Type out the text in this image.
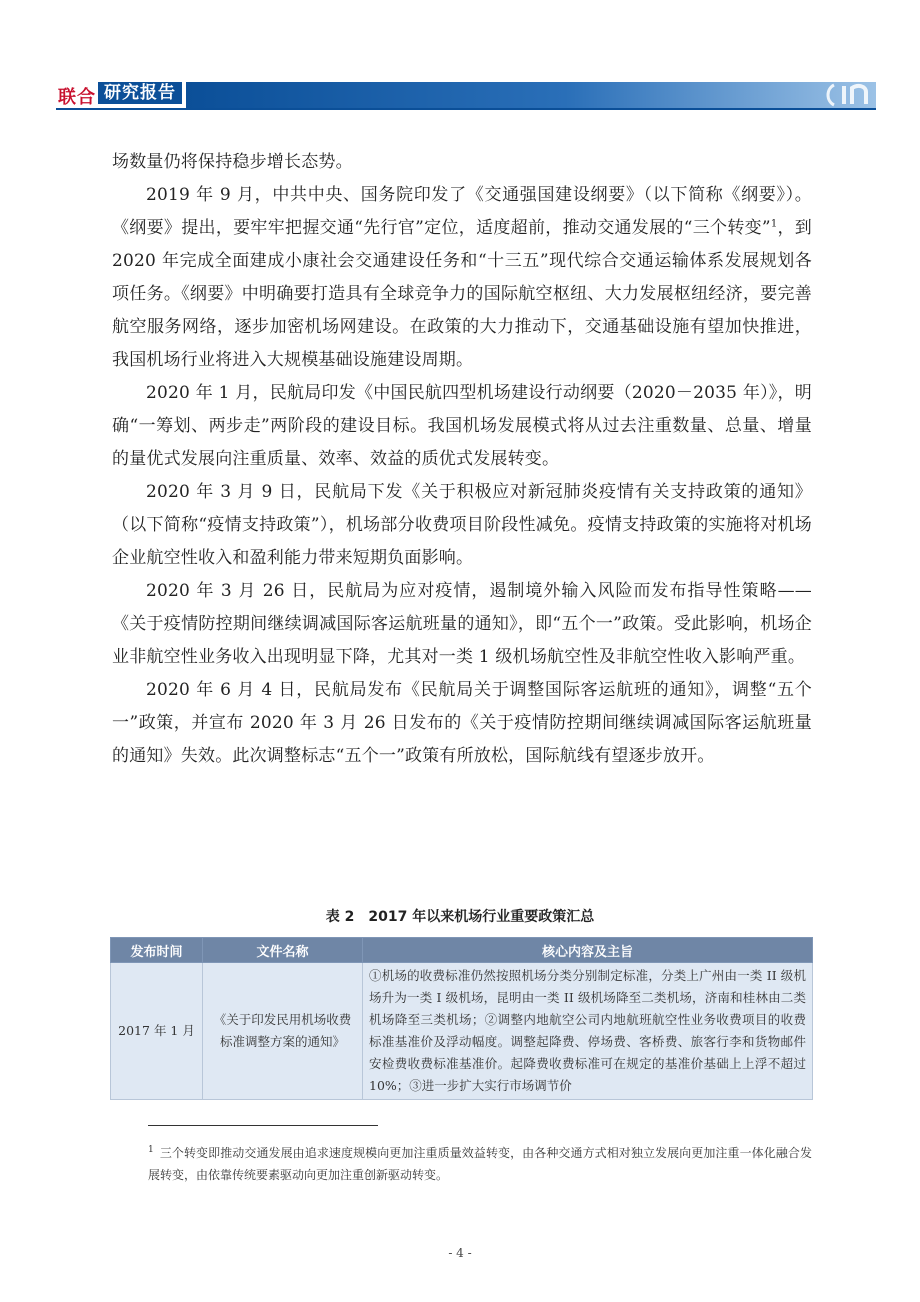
联合 研究报告

场数量仍将保持稳步增长态势。

2019 年 9 月，中共中央、国务院印发了《交通强国建设纲要》（以下简称《纲要》）。《纲要》提出，要牢牢把握交通“先行官”定位，适度超前，推动交通发展的“三个转变”$^1$，到 2020 年完成全面建成小康社会交通建设任务和“十三五”现代综合交通运输体系发展规划各项任务。《纲要》中明确要打造具有全球竞争力的国际航空枢纽、大力发展枢纽经济，要完善航空服务网络，逐步加密机场网建设。在政策的大力推动下，交通基础设施有望加快推进，我国机场行业将进入大规模基础设施建设周期。

2020 年 1 月，民航局印发《中国民航四型机场建设行动纲要（2020－2035 年）》，明确“一筹划、两步走”两阶段的建设目标。我国机场发展模式将从过去注重数量、总量、增量的量优式发展向注重质量、效率、效益的质优式发展转变。

2020 年 3 月 9 日，民航局下发《关于积极应对新冠肺炎疫情有关支持政策的通知》（以下简称“疫情支持政策”），机场部分收费项目阶段性减免。疫情支持政策的实施将对机场企业航空性收入和盈利能力带来短期负面影响。

2020 年 3 月 26 日，民航局为应对疫情，遏制境外输入风险而发布指导性策略——《关于疫情防控期间继续调减国际客运航班量的通知》，即“五个一”政策。受此影响，机场企业非航空性业务收入出现明显下降，尤其对一类 1 级机场航空性及非航空性收入影响严重。

2020 年 6 月 4 日，民航局发布《民航局关于调整国际客运航班的通知》，调整“五个一”政策，并宣布 2020 年 3 月 26 日发布的《关于疫情防控期间继续调减国际客运航班量的通知》失效。此次调整标志“五个一”政策有所放松，国际航线有望逐步放开。

表 2　2017 年以来机场行业重要政策汇总
发布时间	文件名称	核心内容及主旨
2017 年 1 月	《关于印发民用机场收费标准调整方案的通知》	①机场的收费标准仍然按照机场分类分别制定标准，分类上广州由一类 II 级机场升为一类 I 级机场，昆明由一类 II 级机场降至二类机场，济南和桂林由二类机场降至三类机场；②调整内地航空公司内地航班航空性业务收费项目的收费标准基准价及浮动幅度。调整起降费、停场费、客桥费、旅客行李和货物邮件安检费收费标准基准价。起降费收费标准可在规定的基准价基础上上浮不超过 10%；③进一步扩大实行市场调节价

$^1$ 三个转变即推动交通发展由追求速度规模向更加注重质量效益转变，由各种交通方式相对独立发展向更加注重一体化融合发展转变，由依靠传统要素驱动向更加注重创新驱动转变。

- 4 -
